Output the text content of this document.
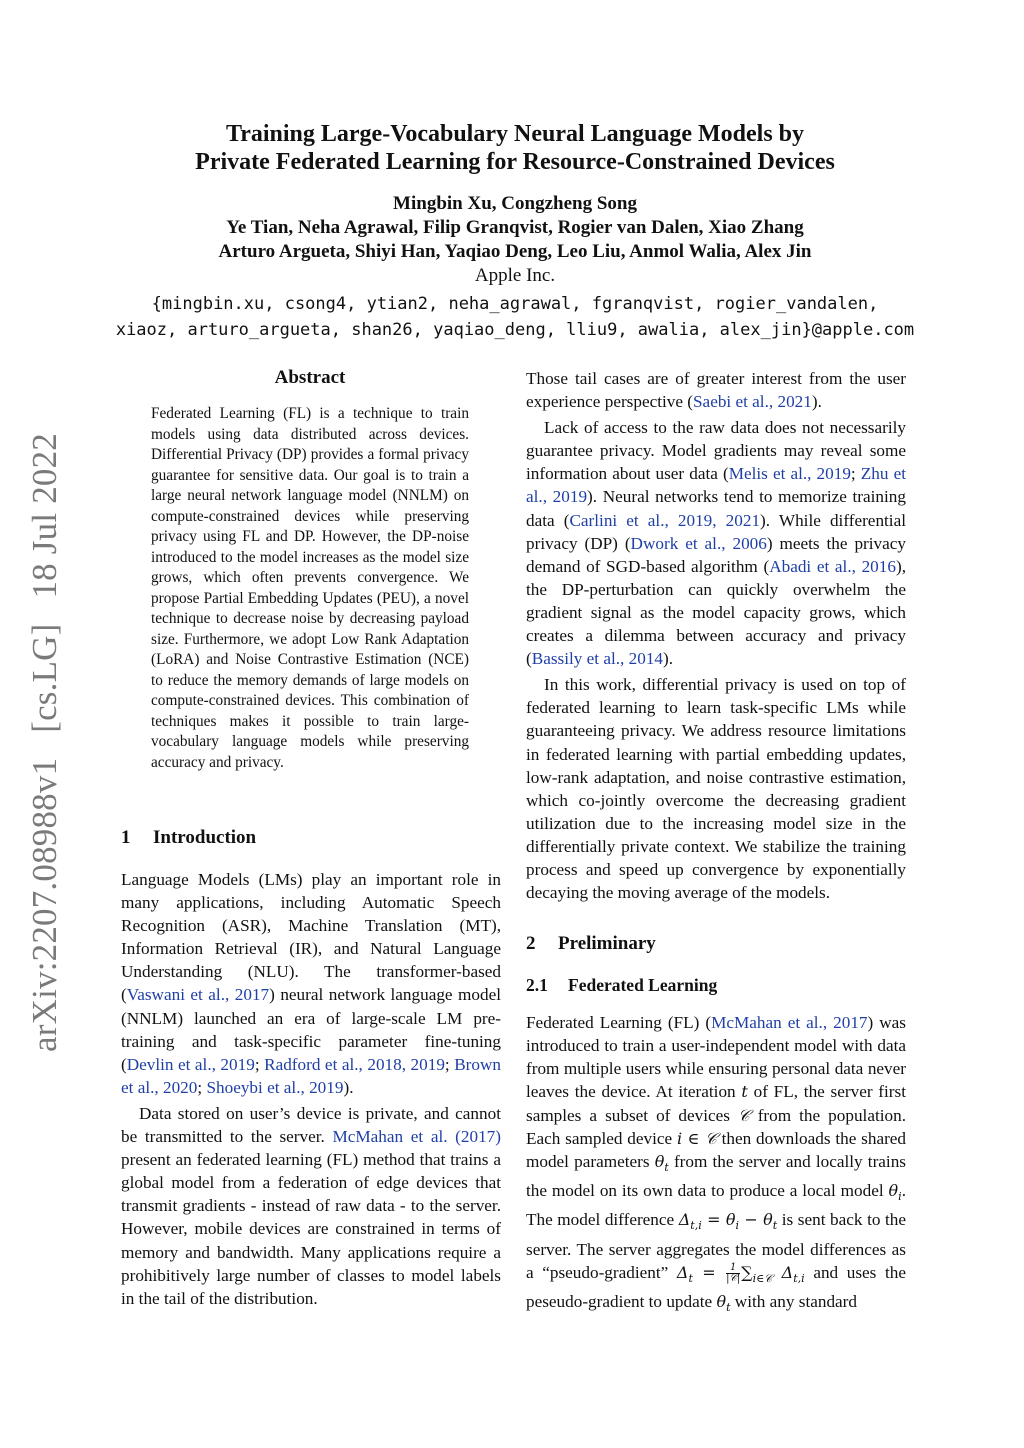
arXiv:2207.08988v1 [cs.LG] 18 Jul 2022
Training Large-Vocabulary Neural Language Models by
Private Federated Learning for Resource-Constrained Devices
Mingbin Xu, Congzheng Song
Ye Tian, Neha Agrawal, Filip Granqvist, Rogier van Dalen, Xiao Zhang
Arturo Argueta, Shiyi Han, Yaqiao Deng, Leo Liu, Anmol Walia, Alex Jin
Apple Inc.
{mingbin.xu, csong4, ytian2, neha_agrawal, fgranqvist, rogier_vandalen,
xiaoz, arturo_argueta, shan26, yaqiao_deng, lliu9, awalia, alex_jin}@apple.com
Abstract

Federated Learning (FL) is a technique to train models using data distributed across devices. Differential Privacy (DP) provides a formal privacy guarantee for sensitive data. Our goal is to train a large neural network language model (NNLM) on compute-constrained devices while preserving privacy using FL and DP. However, the DP-noise introduced to the model increases as the model size grows, which often prevents convergence. We propose Partial Embedding Updates (PEU), a novel technique to decrease noise by decreasing payload size. Furthermore, we adopt Low Rank Adaptation (LoRA) and Noise Contrastive Estimation (NCE) to reduce the memory demands of large models on compute-constrained devices. This combination of techniques makes it possible to train large-vocabulary language models while preserving accuracy and privacy.

1 Introduction

Language Models (LMs) play an important role in many applications, including Automatic Speech Recognition (ASR), Machine Translation (MT), Information Retrieval (IR), and Natural Language Understanding (NLU). The transformer-based (Vaswani et al., 2017) neural network language model (NNLM) launched an era of large-scale LM pre-training and task-specific parameter fine-tuning (Devlin et al., 2019; Radford et al., 2018, 2019; Brown et al., 2020; Shoeybi et al., 2019).

Data stored on user’s device is private, and cannot be transmitted to the server. McMahan et al. (2017) present an federated learning (FL) method that trains a global model from a federation of edge devices that transmit gradients - instead of raw data - to the server. However, mobile devices are constrained in terms of memory and bandwidth. Many applications require a prohibitively large number of classes to model labels in the tail of the distribution.

Those tail cases are of greater interest from the user experience perspective (Saebi et al., 2021).

Lack of access to the raw data does not necessarily guarantee privacy. Model gradients may reveal some information about user data (Melis et al., 2019; Zhu et al., 2019). Neural networks tend to memorize training data (Carlini et al., 2019, 2021). While differential privacy (DP) (Dwork et al., 2006) meets the privacy demand of SGD-based algorithm (Abadi et al., 2016), the DP-perturbation can quickly overwhelm the gradient signal as the model capacity grows, which creates a dilemma between accuracy and privacy (Bassily et al., 2014).

In this work, differential privacy is used on top of federated learning to learn task-specific LMs while guaranteeing privacy. We address resource limitations in federated learning with partial embedding updates, low-rank adaptation, and noise contrastive estimation, which co-jointly overcome the decreasing gradient utilization due to the increasing model size in the differentially private context. We stabilize the training process and speed up convergence by exponentially decaying the moving average of the models.

2 Preliminary
2.1 Federated Learning

Federated Learning (FL) (McMahan et al., 2017) was introduced to train a user-independent model with data from multiple users while ensuring personal data never leaves the device. At iteration t of FL, the server first samples a subset of devices 𝒞 from the population. Each sampled device i ∈ 𝒞 then downloads the shared model parameters $\theta_t$ from the server and locally trains the model on its own data to produce a local model $\theta_i$. The model difference $\Delta_{t,i} = \theta_i - \theta_t$ is sent back to the server. The server aggregates the model differences as a “pseudo-gradient” $\Delta_t = \frac{1}{\text{|𝒞|}} \sum_{i\in 𝒞}$ $\Delta_{t,i}$ and uses the peseudo-gradient to update $\theta_t$ with any standard
